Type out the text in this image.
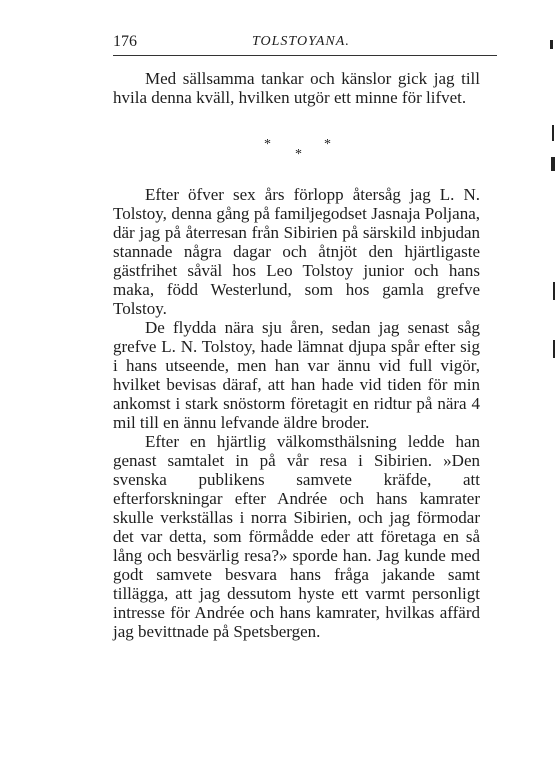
176	TOLSTOYANA.

Med sällsamma tankar och känslor gick jag till hvila denna kväll, hvilken utgör ett minne för lifvet.

*
*
*

Efter öfver sex års förlopp återsåg jag L. N. Tolstoy, denna gång på familjegodset Jasnaja Poljana, där jag på återresan från Sibirien på särskild inbjudan stannade några dagar och åtnjöt den hjärtligaste gästfrihet såväl hos Leo Tolstoy junior och hans maka, född Westerlund, som hos gamla grefve Tolstoy.

De flydda nära sju åren, sedan jag senast såg grefve L. N. Tolstoy, hade lämnat djupa spår efter sig i hans utseende, men han var ännu vid full vigör, hvilket bevisas däraf, att han hade vid tiden för min ankomst i stark snöstorm företagit en ridtur på nära 4 mil till en ännu lefvande äldre broder.

Efter en hjärtlig välkomsthälsning ledde han genast samtalet in på vår resa i Sibirien. »Den svenska publikens samvete kräfde, att efterforskningar efter Andrée och hans kamrater skulle verkställas i norra Sibirien, och jag förmodar det var detta, som förmådde eder att företaga en så lång och besvärlig resa?» sporde han. Jag kunde med godt samvete besvara hans fråga jakande samt tillägga, att jag dessutom hyste ett varmt personligt intresse för Andrée och hans kamrater, hvilkas affärd jag bevittnade på Spetsbergen.
